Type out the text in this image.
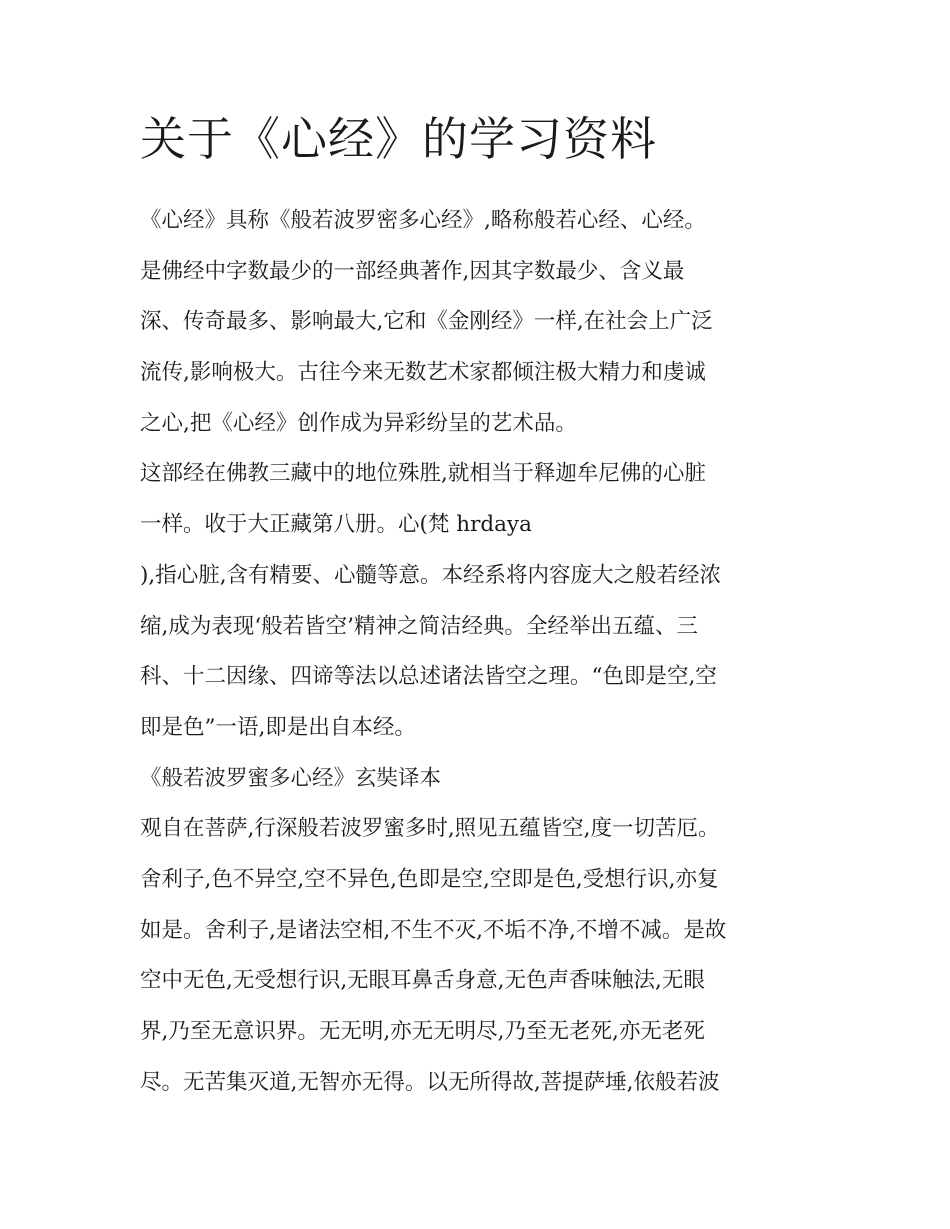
关于《心经》的学习资料
《心经》具称《般若波罗密多心经》,略称般若心经、心经。
是佛经中字数最少的一部经典著作,因其字数最少、含义最
深、传奇最多、影响最大,它和《金刚经》一样,在社会上广泛
流传,影响极大。古往今来无数艺术家都倾注极大精力和虔诚
之心,把《心经》创作成为异彩纷呈的艺术品。
这部经在佛教三藏中的地位殊胜,就相当于释迦牟尼佛的心脏
一样。收于大正藏第八册。心(梵 hrdaya
),指心脏,含有精要、心髓等意。本经系将内容庞大之般若经浓
缩,成为表现‘般若皆空’精神之简洁经典。全经举出五蕴、三
科、十二因缘、四谛等法以总述诸法皆空之理。“色即是空,空
即是色”一语,即是出自本经。
《般若波罗蜜多心经》玄奘译本
观自在菩萨,行深般若波罗蜜多时,照见五蕴皆空,度一切苦厄。
舍利子,色不异空,空不异色,色即是空,空即是色,受想行识,亦复
如是。舍利子,是诸法空相,不生不灭,不垢不净,不增不减。是故
空中无色,无受想行识,无眼耳鼻舌身意,无色声香味触法,无眼
界,乃至无意识界。无无明,亦无无明尽,乃至无老死,亦无老死
尽。无苦集灭道,无智亦无得。以无所得故,菩提萨埵,依般若波
